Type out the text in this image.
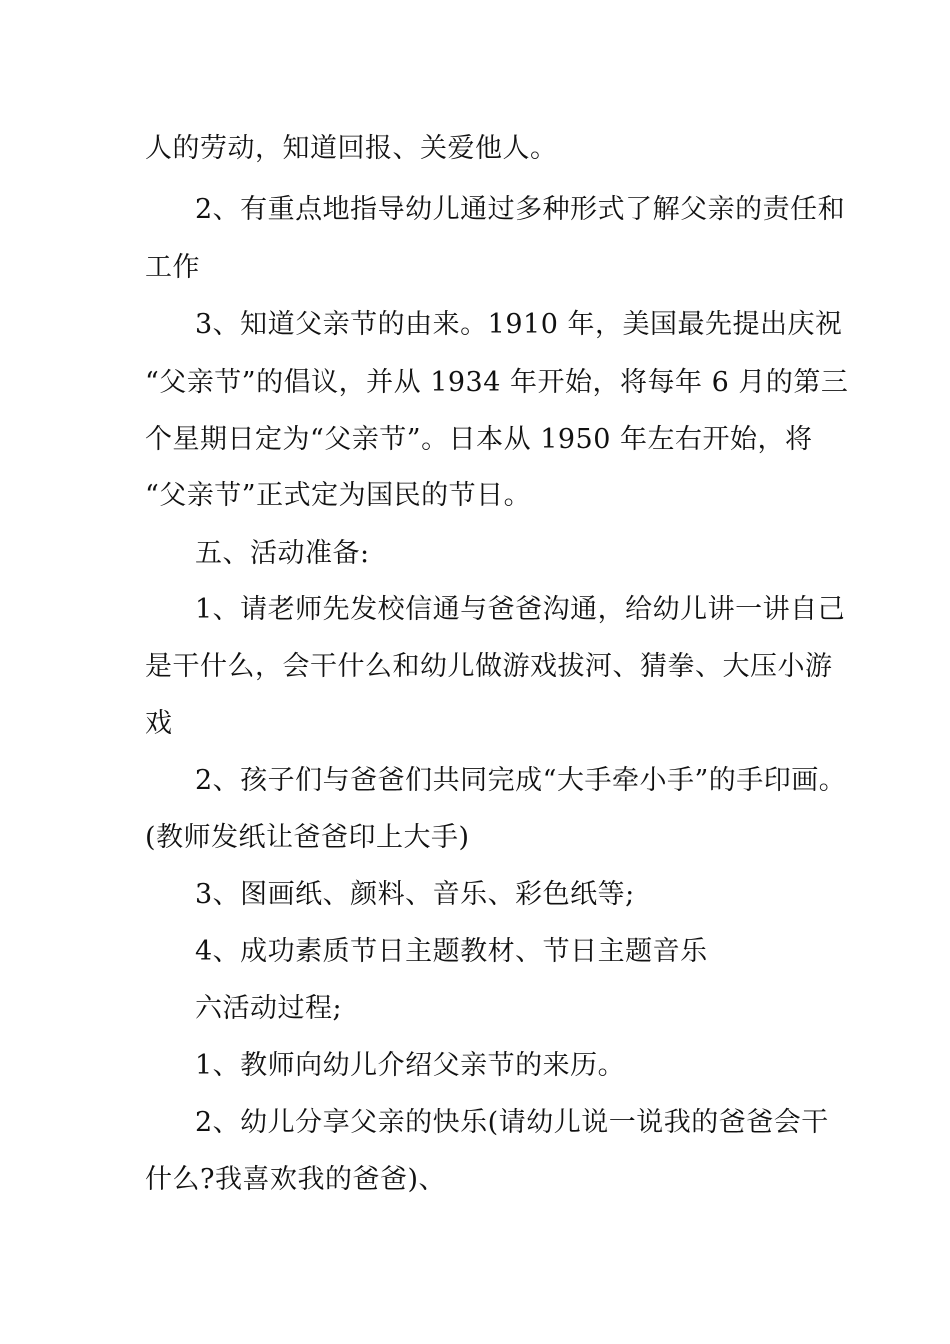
人的劳动，知道回报、关爱他人。
2、有重点地指导幼儿通过多种形式了解父亲的责任和
工作
3、知道父亲节的由来。1910 年，美国最先提出庆祝
“父亲节”的倡议，并从 1934 年开始，将每年 6 月的第三
个星期日定为“父亲节”。日本从 1950 年左右开始，将
“父亲节”正式定为国民的节日。
五、活动准备:
1、请老师先发校信通与爸爸沟通，给幼儿讲一讲自己
是干什么，会干什么和幼儿做游戏拔河、猜拳、大压小游
戏
2、孩子们与爸爸们共同完成“大手牵小手”的手印画。
(教师发纸让爸爸印上大手)
3、图画纸、颜料、音乐、彩色纸等;
4、成功素质节日主题教材、节日主题音乐
六活动过程;
1、教师向幼儿介绍父亲节的来历。
2、幼儿分享父亲的快乐(请幼儿说一说我的爸爸会干
什么?我喜欢我的爸爸)、
